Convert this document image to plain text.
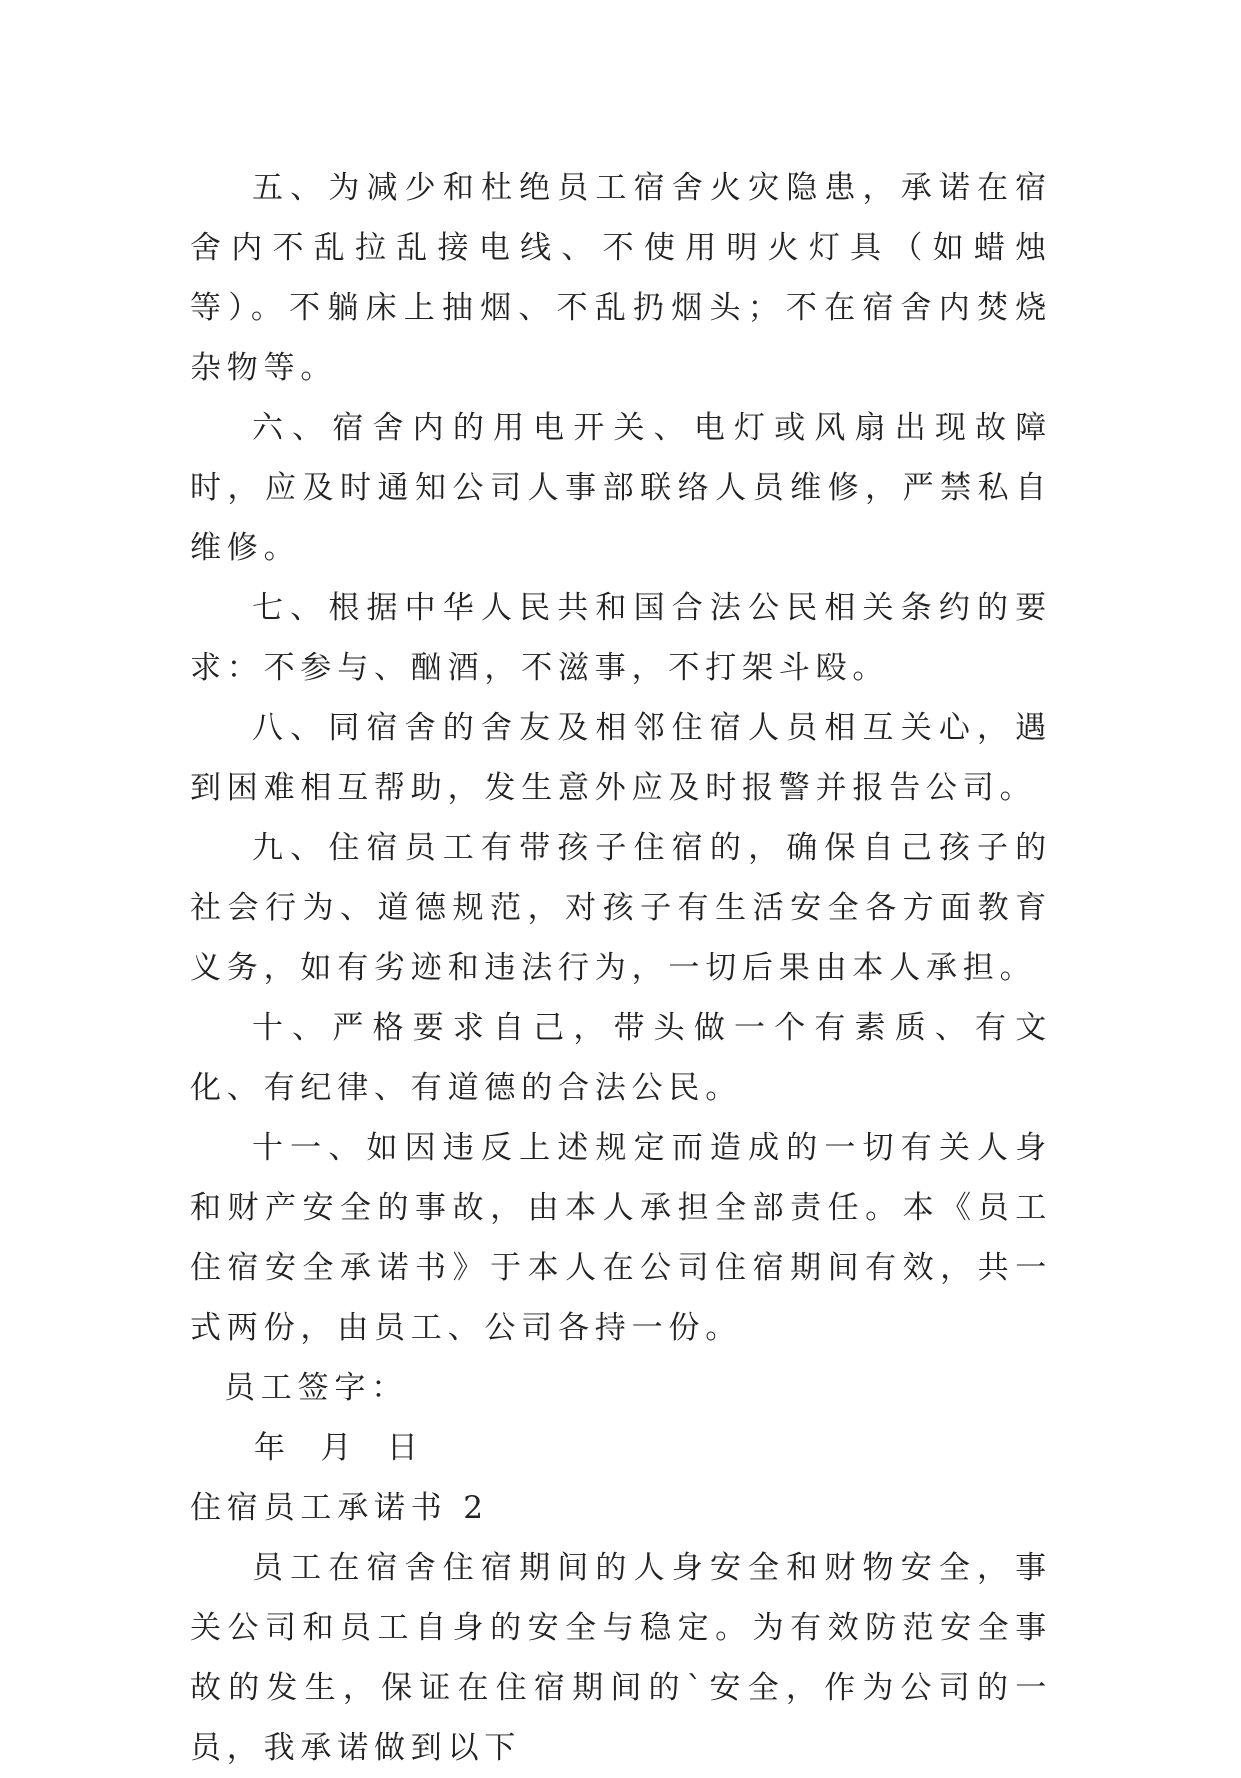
五、为减少和杜绝员工宿舍火灾隐患，承诺在宿舍内不乱拉乱接电线、不使用明火灯具（如蜡烛等）。不躺床上抽烟、不乱扔烟头；不在宿舍内焚烧杂物等。

六、宿舍内的用电开关、电灯或风扇出现故障时，应及时通知公司人事部联络人员维修，严禁私自维修。

七、根据中华人民共和国合法公民相关条约的要求：不参与、酗酒，不滋事，不打架斗殴。

八、同宿舍的舍友及相邻住宿人员相互关心，遇到困难相互帮助，发生意外应及时报警并报告公司。

九、住宿员工有带孩子住宿的，确保自己孩子的社会行为、道德规范，对孩子有生活安全各方面教育义务，如有劣迹和违法行为，一切后果由本人承担。

十、严格要求自己，带头做一个有素质、有文化、有纪律、有道德的合法公民。

十一、如因违反上述规定而造成的一切有关人身和财产安全的事故，由本人承担全部责任。本《员工住宿安全承诺书》于本人在公司住宿期间有效，共一式两份，由员工、公司各持一份。

员工签字：

年 月 日

住宿员工承诺书 2

员工在宿舍住宿期间的人身安全和财物安全，事关公司和员工自身的安全与稳定。为有效防范安全事故的发生，保证在住宿期间的`安全，作为公司的一员，我承诺做到以下
